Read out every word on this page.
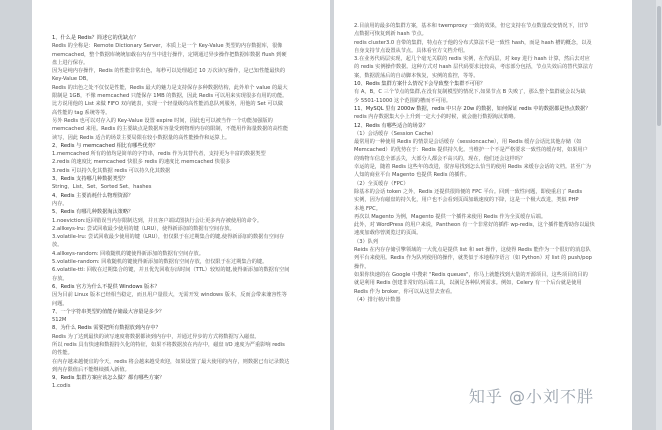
1、什么是 Redis？简述它的优缺点？
Redis 的全称是：Remote Dictionary Server，本质上是一个 Key-Value 类型的内存数据库，很像
memcached，整个数据库统统加载在内存当中进行操作，定期通过异步操作把数据库数据 flush 到硬
盘上进行保存。
因为是纯内存操作，Redis 的性能非常出色，每秒可以处理超过 10 万次读写操作，是已知性能最快的
Key-Value DB。
Redis 的出色之处不仅仅是性能，Redis 最大的魅力是支持保存多种数据结构，此外单个 value 的最大
限制是 1GB，不像 memcached 只能保存 1MB 的数据，因此 Redis 可以用来实现很多有用的功能。
比方说用他的 List 来做 FIFO 双向链表，实现一个轻量级的高性能消息队列服务，用他的 Set 可以做
高性能的 tag 系统等等。
另外 Redis 也可以对存入的 Key-Value 设置 expire 时间，因此也可以被当作一个功能加强版的
memcached 来用。Redis 的主要缺点是数据库容量受到物理内存的限制，不能用作海量数据的高性能
读写，因此 Redis 适合的场景主要局限在较小数据量的高性能操作和运算上。
2、Redis 与 memcached 相比有哪些优势？
1.memcached 所有的值均是简单的字符串，redis 作为其替代者，支持更为丰富的数据类型
2.redis 的速度比 memcached 快很多 redis 的速度比 memcached 快很多
3.redis 可以持久化其数据 redis 可以持久化其数据
3、Redis 支持哪几种数据类型？
String、List、Set、Sorted Set、hashes
4、Redis 主要消耗什么物理资源？
内存。
5、Redis 有哪几种数据淘汰策略？
1.noeviction:返回错误当内存限制达到，并且客户端试图执行会让更多内存被使用的命令。
2.allkeys-lru: 尝试回收最少使用的键（LRU），使得新添加的数据有空间存放。
3.volatile-lru: 尝试回收最少使用的键（LRU），但仅限于在过期集合的键,使得新添加的数据有空间存
放。
4.allkeys-random: 回收随机的键使得新添加的数据有空间存放。
5.volatile-random: 回收随机的键使得新添加的数据有空间存放，但仅限于在过期集合的键。
6.volatile-ttl: 回收在过期集合的键，并且优先回收存活时间（TTL）较短的键,使得新添加的数据有空间
存放。
6、Redis 官方为什么不提供 Windows 版本？
因为目前 Linux 版本已经相当稳定，而且用户量很大，无需开发 windows 版本，反而会带来兼容性等
问题。
7、一个字符串类型的值能存储最大容量是多少？
512M
8、为什么 Redis 需要把所有数据放到内存中？
Redis 为了达到最快的读写速度将数据都读到内存中，并通过异步的方式将数据写入磁盘。
所以 redis 具有快速和数据持久化的特征，如果不将数据放在内存中，磁盘 I/O 速度为严重影响 redis
的性能。
在内存越来越便宜的今天，redis 将会越来越受欢迎，如果设置了最大使用的内存，则数据已有记录数达
到内存限值后不能继续插入新值。
9、Redis 集群方案应该怎么做？都有哪些方案？
1.codis
2.目前用的最多的集群方案，基本和 twemproxy 一致的效果，但它支持在节点数量改变情况下，旧节
点数据可恢复到新 hash 节点。
redis cluster3.0 自带的集群，特点在于他的分布式算法不是一致性 hash，而是 hash 槽的概念，以及
自身支持节点设置从节点。具体看官方文档介绍。
3.在业务代码层实现，起几个毫无关联的 redis 实例，在代码层，对 key 进行 hash 计算，然后去对应
的 redis 实例操作数据。这种方式对 hash 层代码要求比较高，考虑部分包括，节点失效后的替代算法方
案，数据震荡后的自动脚本恢复，实例的监控，等等。
10、Redis 集群方案什么情况下会导致整个集群不可用？
有 A，B，C 三个节点的集群,在没有复制模型的情况下,如果节点 B 失败了，那么整个集群就会以为缺
少 5501-11000 这个范围的槽而不可用。
11、MySQL 里有 2000w 数据，redis 中只存 20w 的数据，如何保证 redis 中的数据都是热点数据？
redis 内存数据集大小上升到一定大小的时候，就会施行数据淘汰策略。
12、Redis 有哪些适合的场景？
（1）会话缓存（Session Cache）
最常用的一种使用 Redis 的情景是会话缓存（sessioncache），用 Redis 缓存会话比其他存储（如
Memcached）的优势在于：Redis 提供持久化。当维护一个不是严格要求一致性的缓存时，如果用户
的购物车信息全部丢失，大部分人都会不高兴的，现在，他们还会这样吗？
幸运的是，随着 Redis 这些年的改进，很容易找到怎么恰当的使用 Redis 来缓存会话的文档。甚至广为
人知的商业平台 Magento 也提供 Redis 的插件。
（2）全页缓存（FPC）
除基本的会话 token 之外，Redis 还提供很简便的 FPC 平台。回到一致性问题，即使重启了 Redis
实例，因为有磁盘的持久化，用户也不会看到页面加载速度的下降，这是一个极大改进，类似 PHP
本地 FPC。
再次以 Magento 为例，Magento 提供一个插件来使用 Redis 作为全页缓存后端。
此外，对 WordPress 的用户来说，Pantheon 有一个非常好的插件 wp-redis，这个插件能帮助你以最快
速度加载你曾浏览过的页面。
（3）队列
Reids 在内存存储引擎领域的一大优点是提供 list 和 set 操作，这使得 Redis 能作为一个很好的消息队
列平台来使用。Redis 作为队列使用的操作，就类似于本地程序语言（如 Python）对 list 的 push/pop
操作。
如果你快速的在 Google 中搜索 "Redis queues"，你马上就能找到大量的开源项目，这些项目的目的
就是利用 Redis 创建非常好的后端工具，以满足各种队列需求。例如，Celery 有一个后台就是使用
Redis 作为 broker，你可以从这里去查看。
（4）排行榜/计数器
知乎 @小刘不胖
